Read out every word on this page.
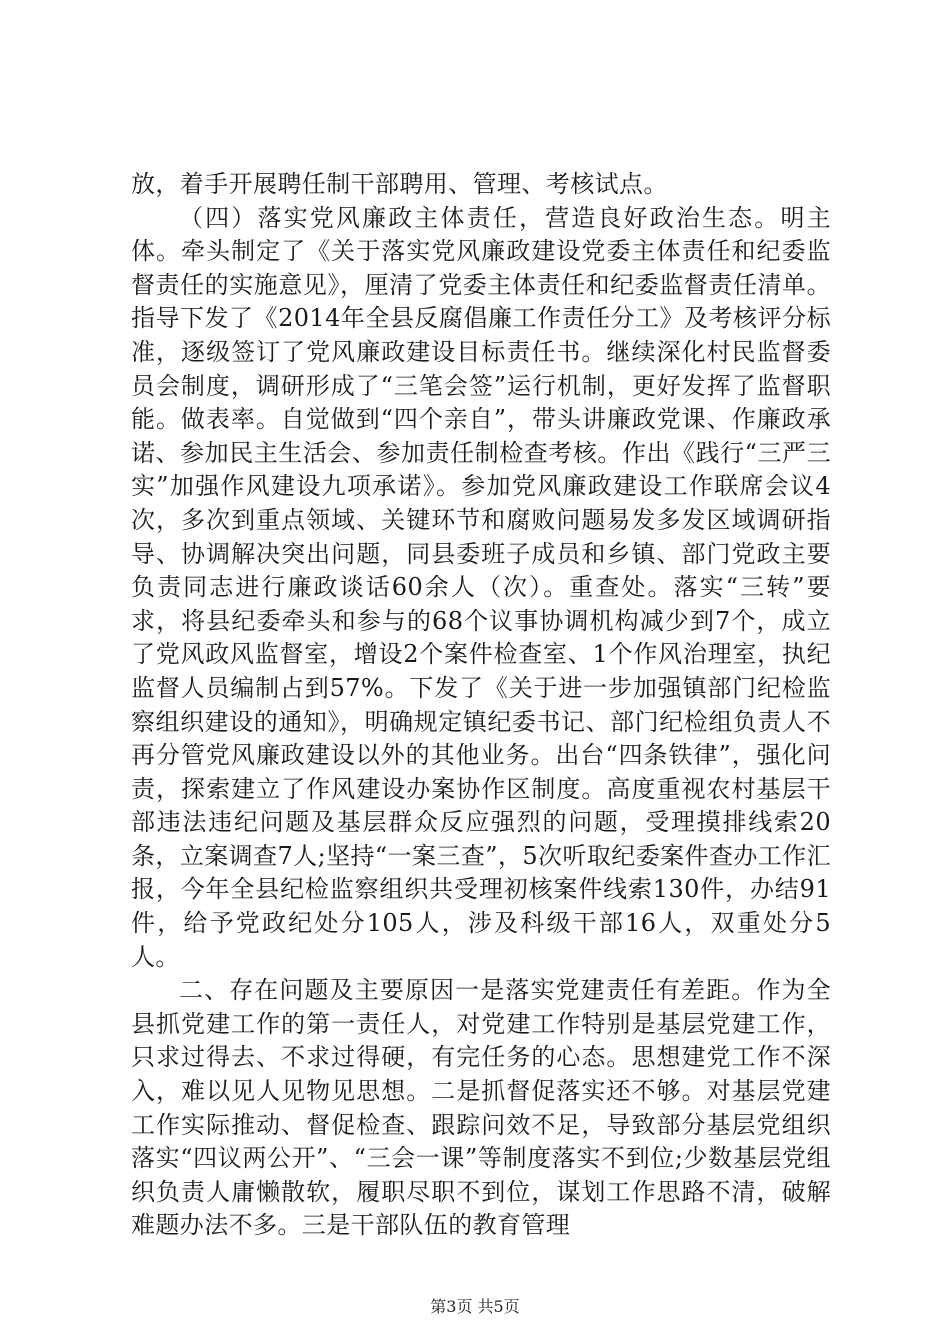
放，着手开展聘任制干部聘用、管理、考核试点。

（四）落实党风廉政主体责任，营造良好政治生态。明主体。牵头制定了《关于落实党风廉政建设党委主体责任和纪委监督责任的实施意见》，厘清了党委主体责任和纪委监督责任清单。指导下发了《2014年全县反腐倡廉工作责任分工》及考核评分标准，逐级签订了党风廉政建设目标责任书。继续深化村民监督委员会制度，调研形成了“三笔会签”运行机制，更好发挥了监督职能。做表率。自觉做到“四个亲自”，带头讲廉政党课、作廉政承诺、参加民主生活会、参加责任制检查考核。作出《践行“三严三实”加强作风建设九项承诺》。参加党风廉政建设工作联席会议4次，多次到重点领域、关键环节和腐败问题易发多发区域调研指导、协调解决突出问题，同县委班子成员和乡镇、部门党政主要负责同志进行廉政谈话60余人（次）。重查处。落实“三转”要求，将县纪委牵头和参与的68个议事协调机构减少到7个，成立了党风政风监督室，增设2个案件检查室、1个作风治理室，执纪监督人员编制占到57%。下发了《关于进一步加强镇部门纪检监察组织建设的通知》，明确规定镇纪委书记、部门纪检组负责人不再分管党风廉政建设以外的其他业务。出台“四条铁律”，强化问责，探索建立了作风建设办案协作区制度。高度重视农村基层干部违法违纪问题及基层群众反应强烈的问题，受理摸排线索20条，立案调查7人;坚持“一案三查”，5次听取纪委案件查办工作汇报，今年全县纪检监察组织共受理初核案件线索130件，办结91件，给予党政纪处分105人，涉及科级干部16人，双重处分5人。

二、存在问题及主要原因一是落实党建责任有差距。作为全县抓党建工作的第一责任人，对党建工作特别是基层党建工作，只求过得去、不求过得硬，有完任务的心态。思想建党工作不深入，难以见人见物见思想。二是抓督促落实还不够。对基层党建工作实际推动、督促检查、跟踪问效不足，导致部分基层党组织落实“四议两公开”、“三会一课”等制度落实不到位;少数基层党组织负责人庸懒散软，履职尽职不到位，谋划工作思路不清，破解难题办法不多。三是干部队伍的教育管理

第3页 共5页
